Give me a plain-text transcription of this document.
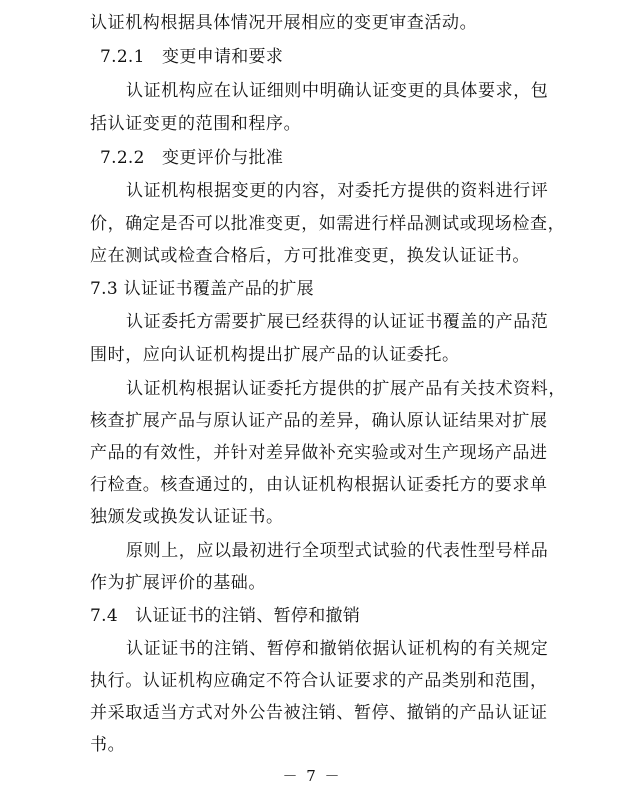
认证机构根据具体情况开展相应的变更审查活动。
7.2.1　变更申请和要求
认证机构应在认证细则中明确认证变更的具体要求，包
括认证变更的范围和程序。
7.2.2　变更评价与批准
认证机构根据变更的内容，对委托方提供的资料进行评
价，确定是否可以批准变更，如需进行样品测试或现场检查，
应在测试或检查合格后，方可批准变更，换发认证证书。
7.3 认证证书覆盖产品的扩展
认证委托方需要扩展已经获得的认证证书覆盖的产品范
围时，应向认证机构提出扩展产品的认证委托。
认证机构根据认证委托方提供的扩展产品有关技术资料，
核查扩展产品与原认证产品的差异，确认原认证结果对扩展
产品的有效性，并针对差异做补充实验或对生产现场产品进
行检查。核查通过的，由认证机构根据认证委托方的要求单
独颁发或换发认证证书。
原则上，应以最初进行全项型式试验的代表性型号样品
作为扩展评价的基础。
7.4　认证证书的注销、暂停和撤销
认证证书的注销、暂停和撤销依据认证机构的有关规定
执行。认证机构应确定不符合认证要求的产品类别和范围，
并采取适当方式对外公告被注销、暂停、撤销的产品认证证
书。
－ 7 －
